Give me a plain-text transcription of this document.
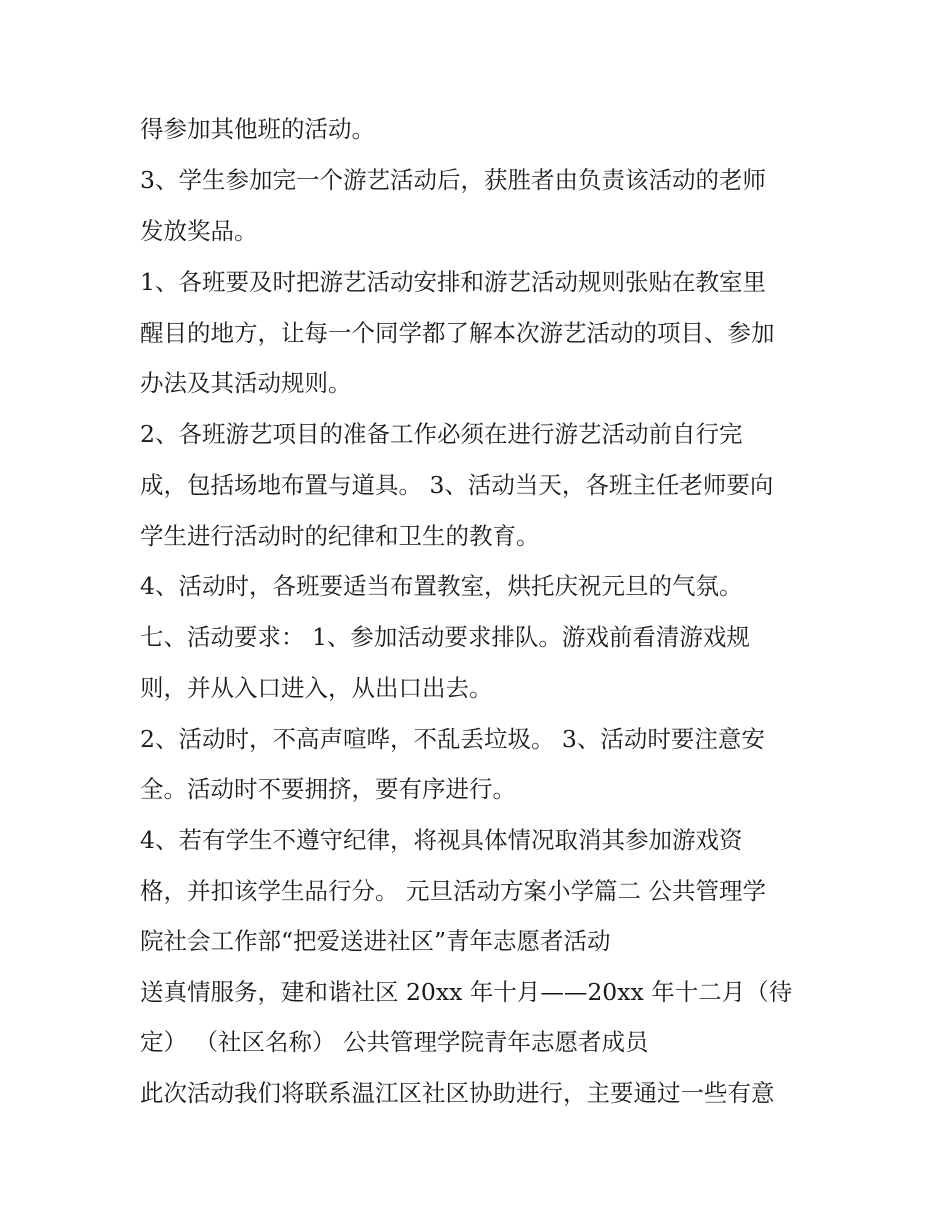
得参加其他班的活动。
3、学生参加完一个游艺活动后，获胜者由负责该活动的老师
发放奖品。
1、各班要及时把游艺活动安排和游艺活动规则张贴在教室里
醒目的地方，让每一个同学都了解本次游艺活动的项目、参加
办法及其活动规则。
2、各班游艺项目的准备工作必须在进行游艺活动前自行完
成，包括场地布置与道具。 3、活动当天，各班主任老师要向
学生进行活动时的纪律和卫生的教育。
4、活动时，各班要适当布置教室，烘托庆祝元旦的气氛。
七、活动要求： 1、参加活动要求排队。游戏前看清游戏规
则，并从入口进入，从出口出去。
2、活动时，不高声喧哗，不乱丢垃圾。 3、活动时要注意安
全。活动时不要拥挤，要有序进行。
4、若有学生不遵守纪律，将视具体情况取消其参加游戏资
格，并扣该学生品行分。 元旦活动方案小学篇二 公共管理学
院社会工作部“把爱送进社区”青年志愿者活动
送真情服务，建和谐社区 20xx 年十月——20xx 年十二月（待
定） （社区名称） 公共管理学院青年志愿者成员
此次活动我们将联系温江区社区协助进行，主要通过一些有意
